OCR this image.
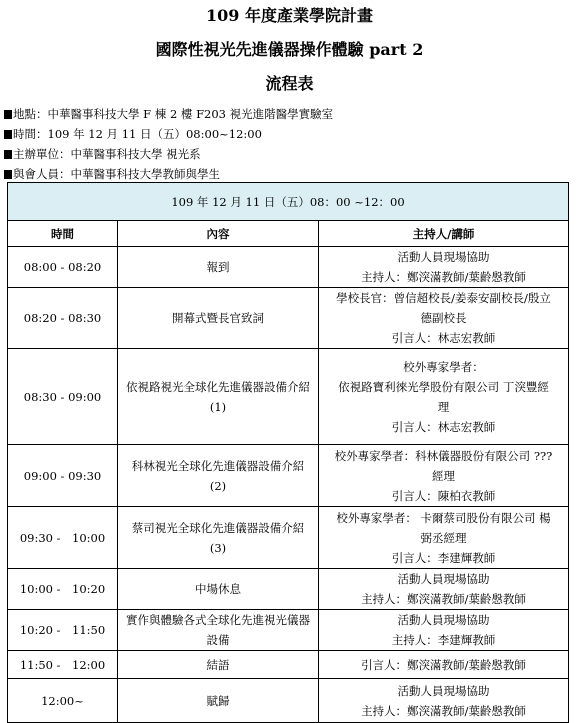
109 年度產業學院計畫
國際性視光先進儀器操作體驗 part 2
流程表
地點：中華醫事科技大學 F 棟 2 樓 F203 視光進階醫學實驗室
時間：109 年 12 月 11 日（五）08:00~12:00
主辦單位：中華醫事科技大學 視光系
與會人員：中華醫事科技大學教師與學生
109 年 12 月 11 日（五）08：00 ~12：00		
時間	內容	主持人/講師
08:00 - 08:20	報到	活動人員現場協助
主持人：鄭湥滿教師/葉齡慇教師

08:20 - 08:30	開幕式暨長官致詞	學校長官：曾信超校長/姜泰安副校長/殷立
德副校長
引言人：林志宏教師

08:30 - 09:00	依視路視光全球化先進儀器設備介紹(1)	校外專家學者：
依視路寶利徠光學股份有限公司 丁湥豐經
理
引言人：林志宏教師

09:00 - 09:30	科林視光全球化先進儀器設備介紹(2)	校外專家學者：科林儀器股份有限公司 ???
經理
引言人：陳柏衣教師

09:30 -　10:00	蔡司視光全球化先進儀器設備介紹(3)	校外專家學者： 卡爾蔡司股份有限公司 楊
弼丞經理
引言人：李建輝教師

10:00 -　10:20	中場休息	活動人員現場協助
主持人：鄭湥滿教師/葉齡慇教師

10:20 -　11:50	實作與體驗各式全球化先進視光儀器設備	活動人員現場協助
主持人：李建輝教師

11:50 -　12:00	結語	引言人：鄭湥滿教師/葉齡慇教師

12:00~	賦歸	活動人員現場協助
主持人：鄭湥滿教師/葉齡慇教師
